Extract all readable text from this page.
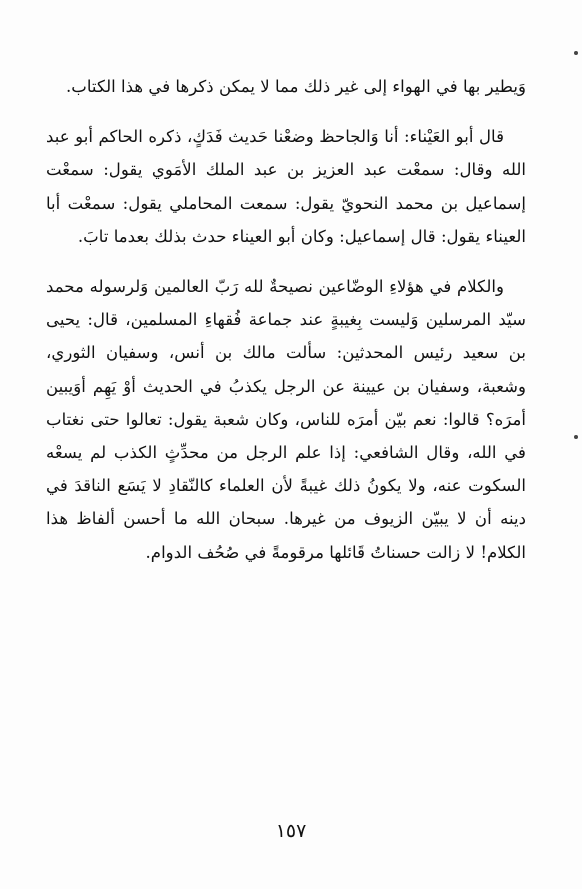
وَيطير بها في الهواء إلى غير ذلك مما لا يمكن ذكرها في هذا الكتاب.

قال أبو العَيْناء: أنا وَالجاحظ وضعْنا حَديث فَدَكٍ، ذكره الحاكم أبو عبد الله وقال: سمعْت عبد العزيز بن عبد الملك الأمَوي يقول: سمعْت إسماعيل بن محمد النحويّ يقول: سمعت المحاملي يقول: سمعْت أبا العيناء يقول: قال إسماعيل: وكان أبو العيناء حدث بذلك بعدما تابَ.

والكلام في هؤلاءِ الوضّاعين نصيحةٌ لله رَبّ العالمين وَلرسوله محمد سيّد المرسلين وَليست بِغيبةٍ عند جماعة فُقهاءِ المسلمين، قال: يحيى بن سعيد رئيس المحدثين: سألت مالك بن أنس، وسفيان الثوري، وشعبة، وسفيان بن عيينة عن الرجل يكذبُ في الحديث أوْ يَهِم أوَيبين أمرَه؟ قالوا: نعم بيّن أمرَه للناس، وكان شعبة يقول: تعالوا حتى نغتاب في الله، وقال الشافعي: إذا علم الرجل من محدِّثٍ الكذب لم يسعْه السكوت عنه، ولا يكونُ ذلك غيبةً لأن العلماء كالنّقادِ لا يَسَع الناقدَ في دينه أن لا يبيّن الزيوف من غيرها. سبحان الله ما أحسن ألفاظ هذا الكلام! لا زالت حسناتُ قَائلها مرقومةً في صُحُف الدوام.

١٥٧
